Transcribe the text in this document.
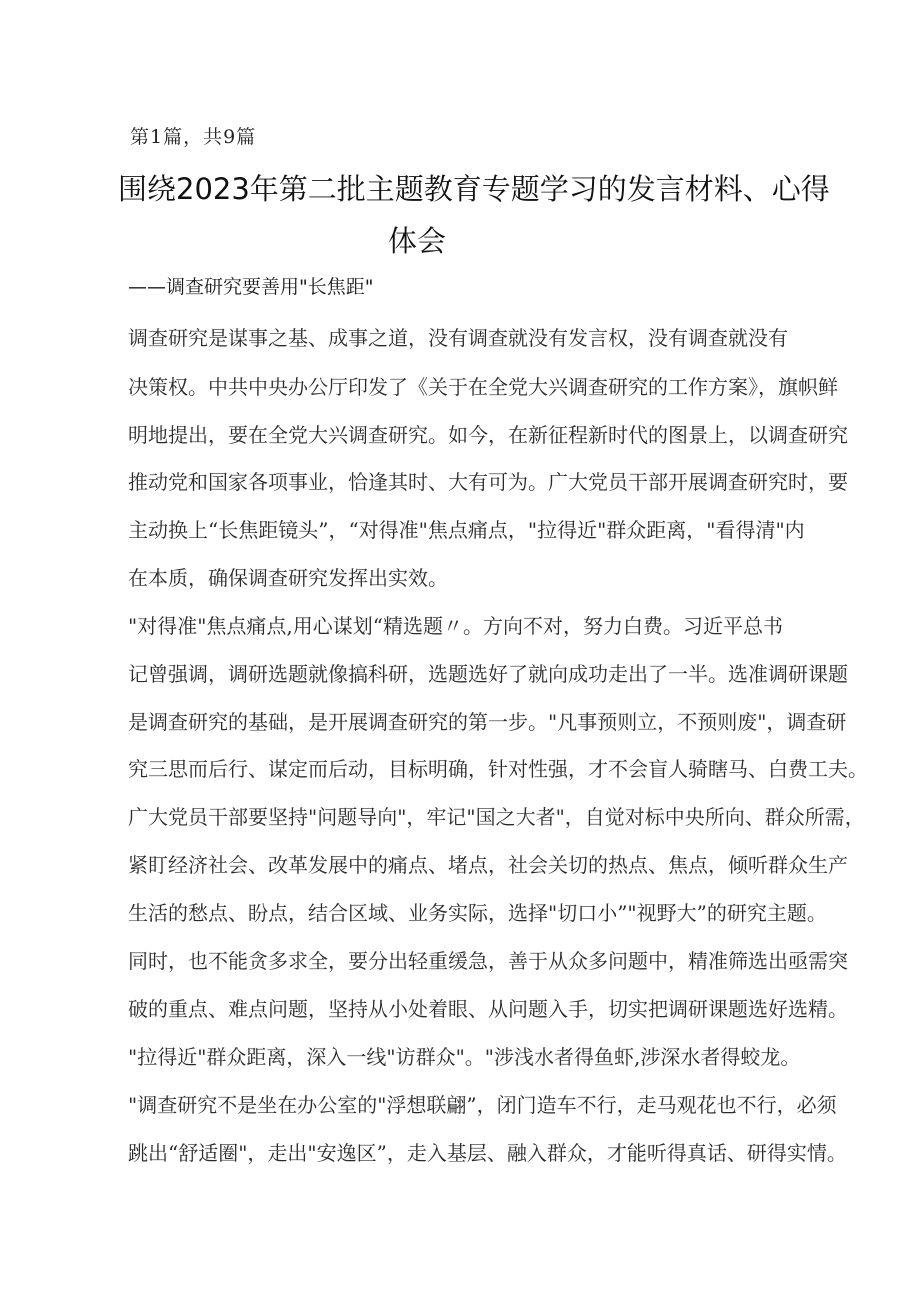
第1篇，共9篇
围绕2023年第二批主题教育专题学习的发言材料、心得
体会
——调查研究要善用"长焦距"
调查研究是谋事之基、成事之道，没有调查就没有发言权，没有调查就没有
决策权。中共中央办公厅印发了《关于在全党大兴调查研究的工作方案》，旗帜鲜
明地提出，要在全党大兴调查研究。如今，在新征程新时代的图景上，以调查研究
推动党和国家各项事业，恰逢其时、大有可为。广大党员干部开展调查研究时，要
主动换上“长焦距镜头”，“对得准"焦点痛点，"拉得近"群众距离，"看得清"内
在本质，确保调查研究发挥出实效。
"对得准"焦点痛点,用心谋划“精选题〃。方向不对，努力白费。习近平总书
记曾强调，调研选题就像搞科研，选题选好了就向成功走出了一半。选准调研课题
是调查研究的基础，是开展调查研究的第一步。"凡事预则立，不预则废"，调查研
究三思而后行、谋定而后动，目标明确，针对性强，才不会盲人骑瞎马、白费工夫。
广大党员干部要坚持"问题导向"，牢记"国之大者"，自觉对标中央所向、群众所需，
紧盯经济社会、改革发展中的痛点、堵点，社会关切的热点、焦点，倾听群众生产
生活的愁点、盼点，结合区域、业务实际，选择"切口小”"视野大”的研究主题。
同时，也不能贪多求全，要分出轻重缓急，善于从众多问题中，精准筛选出亟需突
破的重点、难点问题，坚持从小处着眼、从问题入手，切实把调研课题选好选精。
"拉得近"群众距离，深入一线"访群众"。"涉浅水者得鱼虾,涉深水者得蛟龙。
"调查研究不是坐在办公室的"浮想联翩”，闭门造车不行，走马观花也不行，必须
跳出“舒适圈"，走出"安逸区”，走入基层、融入群众，才能听得真话、研得实情。
